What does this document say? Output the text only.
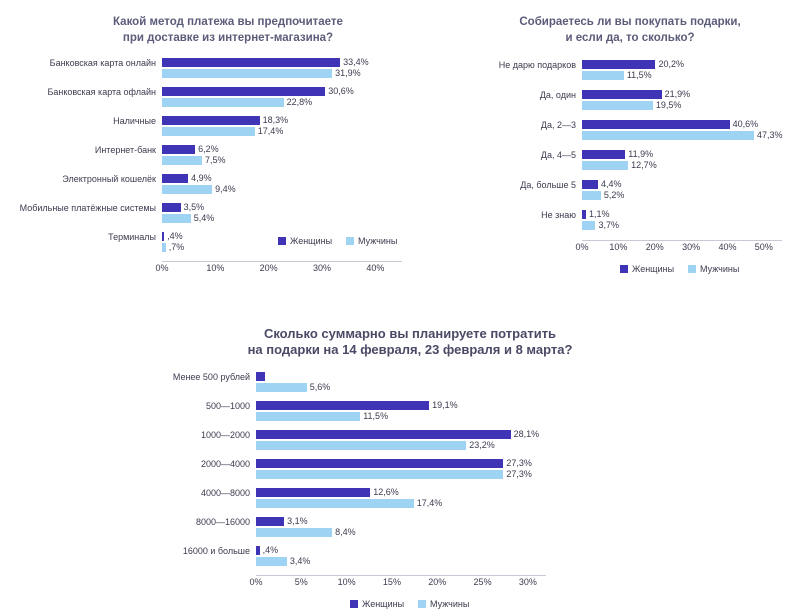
Какой метод платежа вы предпочитаете
при доставке из интернет-магазина?
Банковская карта онлайн	33,4%
31,9%
Банковская карта офлайн	30,6%
22,8%
Наличные	18,3%
17,4%
Интернет-банк	6,2%
7,5%
Электронный кошелёк	4,9%
9,4%
Мобильные платёжные системы	3,5%
5,4%
Терминалы	,4%
,7%
0%	10%	20%	30%	40%
Женщины	Мужчины
Собираетесь ли вы покупать подарки,
и если да, то сколько?
Не дарю подарков	20,2%
11,5%
Да, один	21,9%
19,5%
Да, 2—3	40,6%
47,3%
Да, 4—5	11,9%
12,7%
Да, больше 5	4,4%
5,2%
Не знаю	1,1%
3,7%
0% 10% 20% 30% 40% 50%
Женщины	Мужчины
Сколько суммарно вы планируете потратить
на подарки на 14 февраля, 23 февраля и 8 марта?
Менее 500 рублей
5,6%
500—1000	19,1%
11,5%
1000—2000	28,1%
23,2%
2000—4000	27,3%
27,3%
4000—8000	12,6%
17,4%
8000—16000	3,1%
8,4%
16000 и больше	,4%
3,4%
0%	5%	10%	15%	20%	25%	30%
Женщины	Мужчины
